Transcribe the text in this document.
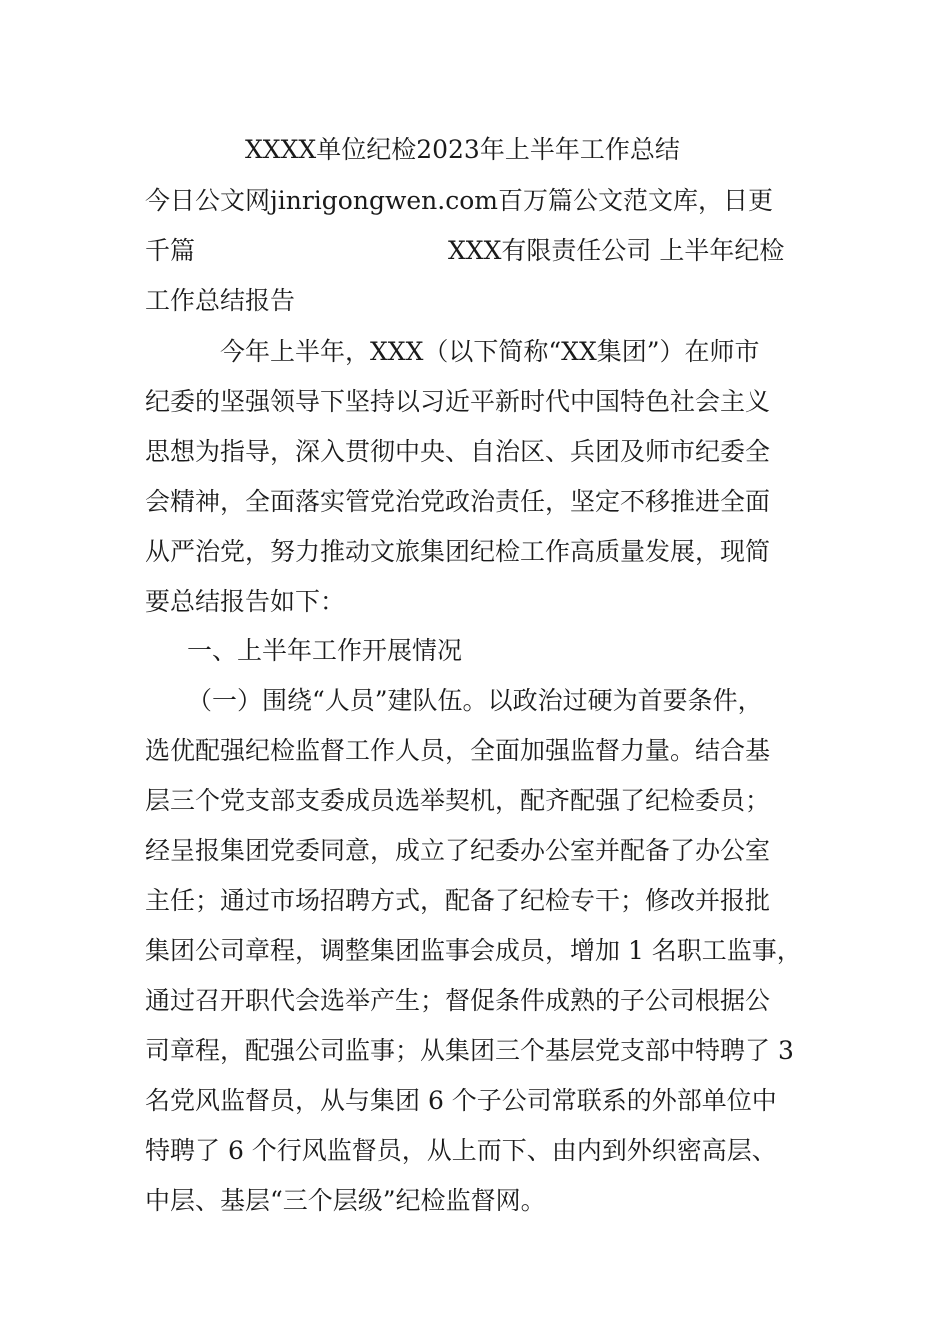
XXXX单位纪检2023年上半年工作总结
今日公文网jinrigongwen.com百万篇公文范文库，日更
千篇	XXX有限责任公司 上半年纪检
工作总结报告
今年上半年，XXX（以下简称“XX集团”）在师市
纪委的坚强领导下坚持以习近平新时代中国特色社会主义
思想为指导，深入贯彻中央、自治区、兵团及师市纪委全
会精神，全面落实管党治党政治责任，坚定不移推进全面
从严治党，努力推动文旅集团纪检工作高质量发展，现简
要总结报告如下：
一、上半年工作开展情况
（一）围绕“人员”建队伍。以政治过硬为首要条件，
选优配强纪检监督工作人员，全面加强监督力量。结合基
层三个党支部支委成员选举契机，配齐配强了纪检委员；
经呈报集团党委同意，成立了纪委办公室并配备了办公室
主任；通过市场招聘方式，配备了纪检专干；修改并报批
集团公司章程，调整集团监事会成员，增加 1 名职工监事，
通过召开职代会选举产生；督促条件成熟的子公司根据公
司章程，配强公司监事；从集团三个基层党支部中特聘了 3
名党风监督员，从与集团 6 个子公司常联系的外部单位中
特聘了 6 个行风监督员，从上而下、由内到外织密高层、
中层、基层“三个层级”纪检监督网。
